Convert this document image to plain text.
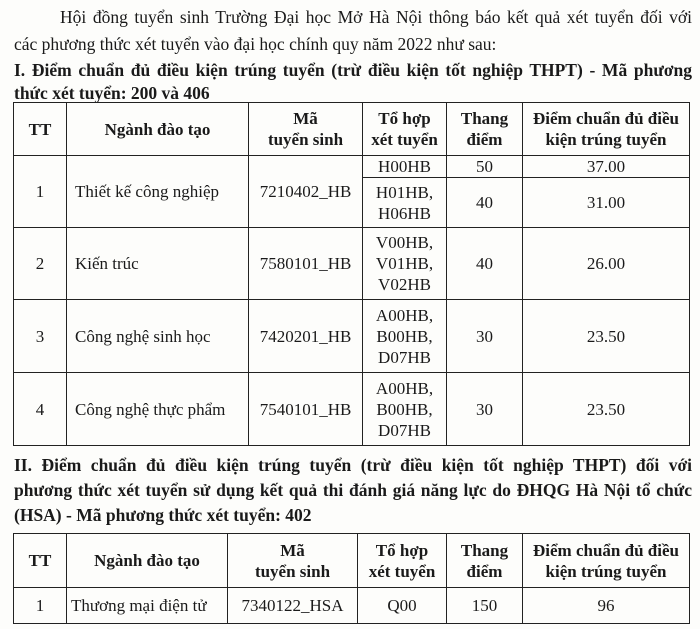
Hội đồng tuyển sinh Trường Đại học Mở Hà Nội thông báo kết quả xét tuyển đối với
các phương thức xét tuyển vào đại học chính quy năm 2022 như sau:
I. Điểm chuẩn đủ điều kiện trúng tuyển (trừ điều kiện tốt nghiệp THPT) - Mã phương
thức xét tuyển: 200 và 406
TT	Ngành đào tạo	Mã
tuyển sinh	Tổ hợp
xét tuyển	Thang
điểm	Điểm chuẩn đủ điều
kiện trúng tuyển
1	Thiết kế công nghiệp	7210402_HB	H00HB	50	37.00
			H01HB,
H06HB	40	31.00
2	Kiến trúc	7580101_HB	V00HB,
V01HB,
V02HB	40	26.00
3	Công nghệ sinh học	7420201_HB	A00HB,
B00HB,
D07HB	30	23.50
4	Công nghệ thực phẩm	7540101_HB	A00HB,
B00HB,
D07HB	30	23.50
II. Điểm chuẩn đủ điều kiện trúng tuyển (trừ điều kiện tốt nghiệp THPT) đối với
phương thức xét tuyển sử dụng kết quả thi đánh giá năng lực do ĐHQG Hà Nội tổ chức
(HSA) - Mã phương thức xét tuyển: 402
TT	Ngành đào tạo	Mã
tuyển sinh	Tổ hợp
xét tuyển	Thang
điểm	Điểm chuẩn đủ điều
kiện trúng tuyển
1	Thương mại điện tử	7340122_HSA	Q00	150	96
